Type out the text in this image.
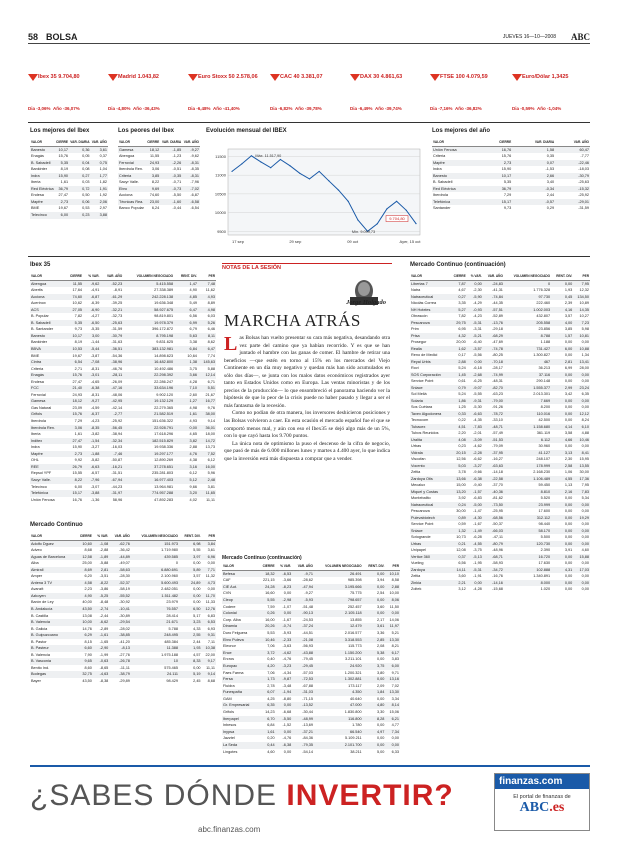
58 BOLSA	JUEVES 16—10—2008 ABC
Ibex 35 9.704,80
Dia -3,06% Año -36,07%
Madrid 1.043,82
Dia -4,80% Año -36,43%
Euro Stoxx 50 2.578,06
Dia -6,48% Año -41,40%
CAC 40 3.381,07
Dia -6,82% Año -39,78%
DAX 30 4.861,63
Dia -6,49% Año -39,74%
FTSE 100 4.079,59
Dia -7,16% Año -36,82%
Euro/Dólar 1,3425
Dia -0,59% Año -1,04%
Los mejores del Ibex
VALOR	CIERRE	VAR. DIARIA	VAR. AÑO
Banesto	10,17	0,36	3,61
Enagás	15,76	0,05	0,37
B. Sabadell	5,35	0,04	0,75
Bankinter	8,19	0,08	1,04
Indra	15,90	0,27	1,77
Iberia	1,61	0,03	1,82
Red Eléctrica	36,79	0,72	1,91
Endesa	27,47	0,50	1,92
Mapfre	2,73	0,06	2,06
BME	19,67	0,53	2,97
Telecinco	6,00	0,23	3,88
Los peores del Ibex
VALOR	CIERRE	VAR. DIARIA	VAR. AÑO
Gamesa	18,12	-1,85	-9,27
Abengoa	11,55	-1,23	-9,62
Ferrovial	24,93	-2,26	-8,31
Iberdrola Ren.	3,06	-0,51	-8,35
Criteria	3,85	-0,35	-8,31
Sacyr Valle.	8,22	-0,71	-7,96
Ebro	9,69	-0,73	-7,02
Acciona	74,60	-5,50	-6,87
Técnicas Rea.	23,00	-1,60	-6,58
Banco Popular	6,24	-0,44	-6,54
Evolución mensual del IBEX
11500
11000
10500
10000
9500
17 sep	29 sep	09 oct	Ayer, 15 oct
Máx. 11.517,90
9.704,80
Mín. 9.099,73
Los mejores del año
VALOR	CIERRE	VAR. DIARIA	VAR. AÑO
Unión Fenosa	16,76	1,58	60,47
Criteria	15,76	0,35	-7,77
Mapfre	2,73	0,07	-22,46
Indra	15,90	-1,53	-18,03
Banesto	10,17	2,66	-30,79
B. Sabadell	5,35	3,40	-25,63
Red Eléctrica	36,79	-0,34	-15,32
Iberdrola	7,29	2,44	-25,92
Telefónica	15,17	-0,57	-29,01
Santander	9,73	0,29	-31,59
Ibex 35
VALOR	CIERRE	% VAR.	VAR. AÑO	VOLUMEN NEGOCIADO	RENT. DIV.	PER
Abengoa	11,55	-9,62	-52,23	5.415.558	1,47	7,48
Abertis	17,64	-4,91	-8,91	27.338.389	4,90	11,62
Acciona	74,60	-6,87	-61,29	242.228.138	4,85	4,93
Acerinox	10,62	-6,39	-39,25	19.636.348	5,49	8,89
ACS	27,05	-6,90	-32,21	58.927.675	6,47	4,98
B. Popular	7,82	-4,27	-32,73	98.819.801	6,56	6,03
B. Sabadell	5,35	-6,50	-25,63	19.978.379	6,99	5,26
B. Santander	9,73	-5,35	-31,59	396.172.872	6,79	6,46
Banesto	10,17	3,00	-30,79	8.795.198	5,63	8,11
Bankinter	8,19	-1,44	-31,63	9.831.625	3,38	8,62
BBVA	10,53	-5,44	-36,51	383.132.981	6,84	6,47
BME	19,67	-3,87	-54,36	14.898.623	10,64	7,74
Cintra	6,54	-7,08	-38,96	16.482.800	1,38	145,63
Criteria	2,71	-8,31	-46,76	10.492.486	3,75	5,88
Enagás	15,76	-3,01	-28,11	22.298.392	3,66	12,14
Endesa	27,47	-4,65	-26,09	22.286.247	4,28	6,71
FCC	21,40	-6,38	-47,16	33.634.196	7,10	5,51
Ferrovial	24,93	-8,31	-48,06	9.902.120	2,60	21,67
Gamesa	18,12	-9,27	-42,95	19.132.129	1,27	16,77
Gas Natural	23,09	-4,59	-42,14	22.279.365	4,98	9,76
Grifols	15,76	-6,37	-2,77	21.582.519	1,61	38,00
Iberdrola	7,29	-4,23	-25,92	151.636.322	4,93	9,14
Iberdrola Ren.	3,06	-8,35	-56,45	22.928.791	0,00	36,01
Iberia	1,61	-3,82	-38,94	17.618.296	4,65	18,00
Inditex	27,47	-1,54	-32,34	182.515.829	3,82	14,72
Indra	15,90	-3,27	-16,03	19.938.336	2,88	13,73
Mapfre	2,73	-1,88	-7,46	19.297.177	4,76	7,52
OHL	9,92	-5,82	-50,87	12.890.269	4,38	6,12
REE	26,79	-6,63	-16,21	37.278.651	3,16	16,00
Repsol YPF	15,55	-6,57	-31,51	235.281.803	6,12	5,96
Sacyr Valle.	8,22	-7,96	-67,94	16.977.403	5,12	2,48
Telecinco	6,00	-3,07	-44,23	13.964.981	9,66	3,81
Telefónica	15,17	-3,88	-31,97	774.957.288	3,20	11,65
Unión Fenosa	16,76	-1,36	58,96	47.892.283	4,02	11,11
Mercado Continuo
VALOR	CIERRE	% VAR.	VAR. AÑO	VOLUMEN NEGOCIADO	RENT. DIV.	PER
Adolfo Dguez	10,60	-1,08	-62,76	151.973	6,98	3,84
Adveo	8,68	-2,88	-36,42	1.719.980	5,55	3,61
Aguas de Barcelona	12,58	-1,89	-44,89	439.585	3,97	6,96
Alba	25,00	-5,88	-49,07	0	0,00	0,00
Almirall	8,69	2,81	-58,63	6.880.691	5,89	7,71
Amper	6,20	-3,51	-28,30	2.100.960	3,57	11,32
Antena 3 TV	4,58	-8,22	-52,37	5.600.493	24,89	4,73
Avanzit	2,23	-3,86	-58,19	2.482.051	0,00	0,00
Azkoyen	4,90	-5,25	-55,52	1.511.482	0,00	11,70
Barón de Ley	40,00	-8,48	-30,92	23.979	0,00	11,33
B. Andalucía	43,50	-2,74	-10,41	76.557	6,50	12,76
B. Castilla	13,08	-2,44	-30,89	28.414	5,17	6,83
B. Valencia	10,00	-6,62	-29,54	21.671	3,23	6,53
B. Galicia	14,76	-2,89	-28,02	5.788	4,33	6,93
B. Guipuzcoano	6,29	-1,61	-38,85	248.495	2,55	9,31
B. Pastor	8,15	-1,65	-41,20	485.384	2,44	7,11
B. Pasteur	6,60	-2,90	-8,13	11.388	1,93	10,38
B. Valencia	7,90	-1,99	-27,76	1.975.188	4,57	22,00
B. Vasconia	9,65	-0,63	-26,78	10	8,33	9,17
Benito Ind.	8,60	-8,65	-11,11	575.465	0,00	11,11
Bodegas	32,75	-4,63	-38,79	24.111	5,19	9,14
Bayer	43,50	-8,38	-29,89	98.429	2,45	8,68
NOTAS DE LA SESIÓN
Jorge Holgado
MARCHA ATRÁS

Las Bolsas han vuelto presentar su cara más negativa, desandando otra vez parte del camino que ya habían recorrido. Y es que se han juntado el hambre con las ganas de comer. El hambre de retirar una beneficios —que estén en torno al 15% en los mercados del Viejo Continente en un día muy negativo y quedan más han sido acumulados en sólo dos días—, se junta con los malos datos económicos registrados ayer tanto en Estados Unidos como en Europa. Las ventas minoristas y de los precios de la producción— lo que ensombreció el panorama haciendo ver la hipótesis de que lo peor de la crisis puede no haber pasado y llegar a ser el más fantasma de la recesión.

Como no podían de otra manera, los inversores deshicieron posiciones y las Bolsas volvieron a caer. En esta ocasión el mercado español fue el que se comportó menos mal, y aún con eso el Ibex35 se dejó algo más de un 5%, con lo que cayó hasta los 9.700 puntos.

La única nota de optimismo la puso el descenso de la cifra de negocio, que pasó de más de 6.000 millones lunes y martes a 4.400 ayer, lo que indica que la inversión está más dispuesta a comprar que a vender.

Mercado Continuo (continuación)
VALOR	CIERRE	% VAR.	VAR. AÑO	VOLUMEN NEGOCIADO	RENT. DIV.	PER
Befesa	18,32	-6,53	-9,71	26.491	0,00	10,10
CAF	221,15	-3,66	-28,62	985.398	3,94	8,58
CIE Aut.	24,28	-8,23	-47,94	3.195.666	0,00	2,88
CVN	16,60	0,00	-9,27	75.775	2,54	10,00
Cleop	5,55	-2,98	-5,93	798.657	0,00	8,06
Codere	7,59	-1,07	-51,48	252.457	3,60	11,50
Colonial	0,26	0,00	-90,13	2.105.118	0,00	0,00
Corp. Alba	16,00	-1,67	-24,53	13.855	2,17	14,06
Dinamia	20,26	-0,74	-37,24	12.479	3,61	11,97
Duro Felguera	5,53	-5,93	-44,51	2.016.577	3,36	5,21
Ebro Puleva	10,46	-2,33	-21,08	3.318.553	2,85	13,30
Elecnor	7,06	-3,63	-56,93	115.773	2,08	8,21
Ence	3,72	-4,62	-43,88	1.150.200	5,38	6,17
Ercros	0,40	-4,76	-79,45	3.211.101	0,00	3,83
Europac	4,20	-3,23	-29,45	24.920	3,75	6,00
Faes Farma	7,06	-4,34	-57,03	1.200.321	3,80	9,71
Fersa	1,73	-9,87	-72,53	1.302.881	0,00	13,16
Fluidra	2,78	-3,48	-67,88	173.117	2,09	7,02
Funespaña	6,07	-1,94	-31,03	4.350	1,84	13,30
GAM	4,25	-8,80	-71,15	40.640	0,00	3,34
Gr. Empresarial	6,35	0,00	-13,52	47.000	4,80	8,14
Grifols	14,23	-6,68	-30,44	1.830.800	3,30	15,06
Iberpapel	6,70	-5,50	-48,99	116.800	8,28	6,21
Inbesos	6,84	-1,52	-13,69	1.780	0,00	4,77
Inypsa	1,61	0,00	-37,21	66.540	4,97	7,34
Jazztel	0,20	-4,76	-84,36	5.109.211	0,00	0,00
La Seda	0,44	-6,38	-79,35	2.101.700	0,00	0,00
Lingotes	4,60	0,00	-54,14	38.211	5,00	6,33
Mercado Continuo (continuación)
VALOR	CIERRE	% VAR.	VAR. AÑO	VOLUMEN NEGOCIADO	RENT. DIV.	PER
Libertas 7	7,87	0,00	-24,83	0	0,00	7,95
Natra	4,67	-2,30	-41,31	1.776.328	1,93	12,32
Natraceutical	0,27	-5,90	-74,84	97.730	0,45	134,50
Nicolás Correa	3,35	-4,29	-44,35	222.460	2,39	10,89
NH Hoteles	5,27	-0,93	-57,51	1.002.003	4,16	14,35
Obrascón	7,82	-4,23	-52,89	432.807	3,57	10,27
Pescanova	29,75	-5,31	-13,76	205.558	4,00	7,23
Prim	6,95	-3,31	-29,18	23.856	3,85	5,98
Prisa	4,32	-5,21	-68,29	8.788	1,57	10,81
Prosegur	20,00	-6,40	-47,69	1.188	0,00	0,00
Realia	1,62	-3,57	-74,78	731.427	6,00	10,88
Reno de Medici	0,17	-5,56	-80,25	1.300.827	0,00	1,34
Reyal Urbis	2,88	0,00	-70,18	467	2,81	13,41
Rovi	5,24	-6,18	-28,17	36.213	6,99	28,00
SOS Corporación	1,45	-2,68	-74,99	37.116	0,00	0,00
Service Point	0,61	-6,25	-48,31	290.148	0,00	0,00
Sniace	0,79	-9,07	-82,70	1.555.377	2,99	23,24
Sol Meliá	5,24	-5,55	-63,23	2.013.301	3,42	6,35
Solaria	1,86	-9,31	-79,00	7.669	0,00	0,00
Sos Cuétara	1,25	-5,30	-91,26	8.200	0,00	0,00
Tavex Algodonera	0,33	-6,63	-78,72	110.016	0,00	12,12
Tecnocom	0,22	-4,35	-33,10	42.500	0,00	8,24
Tubacex	4,51	-7,83	-48,71	1.158.680	4,14	6,10
Tubos Reunidos	2,20	-2,01	-57,49	361.119	3,58	4,88
Uralita	4,08	-3,09	-51,53	6.112	4,66	10,46
Urbas	0,23	-4,62	-79,09	30.960	0,00	0,00
Vidrala	20,15	-2,28	-37,95	41.127	3,13	8,41
Viscofan	12,56	-6,62	-16,27	248.107	2,30	15,95
Vocento	5,03	-3,27	-63,63	178.999	2,58	13,55
Zeltia	3,78	-9,66	-14,18	2.168.230	1,06	30,00
Zardoya Otis	13,66	-6,38	-22,58	1.106.489	4,55	17,36
Mecalux	15,00	-9,40	-37,70	59.450	1,13	7,95
Miquel y Costas	13,20	-1,57	-40,36	8.810	2,16	7,83
Montebalito	3,92	-6,83	-81,62	5.520	0,00	5,34
Natraceutical	0,24	-5,00	-73,50	23.999	0,00	0,00
Pescanova	30,00	-1,47	-25,95	17.600	0,00	0,00
Pulevabiotech	0,89	-4,30	-68,56	312.112	0,00	19,29
Service Point	0,59	-1,67	-50,37	98.440	0,00	0,00
Sniace	1,32	-1,49	-66,03	58.170	0,00	0,00
Sotogrande	10,73	-6,28	-47,11	5.500	0,00	0,00
Urbas	0,21	-4,55	-80,79	120.730	0,00	0,00
Unipapel	12,08	-3,75	-48,96	2.390	3,91	4,60
Vertice 360	0,37	-5,13	-68,71	16.720	0,00	15,88
Vueling	6,56	-1,95	-58,93	17.630	0,00	0,00
Zardoya	14,11	-5,31	-34,72	102.888	4,31	17,03
Zeltia	3,60	-1,91	-16,76	1.340.891	0,00	0,00
Zinkia	2,21	0,00	-14,16	8.000	0,00	0,00
Zoltek	3,12	-4,28	-15,68	1.020	0,00	0,00
¿SABES DÓNDE INVERTIR?
abc.finanzas.com
finanzas.com
El portal de finanzas de
ABC.es
